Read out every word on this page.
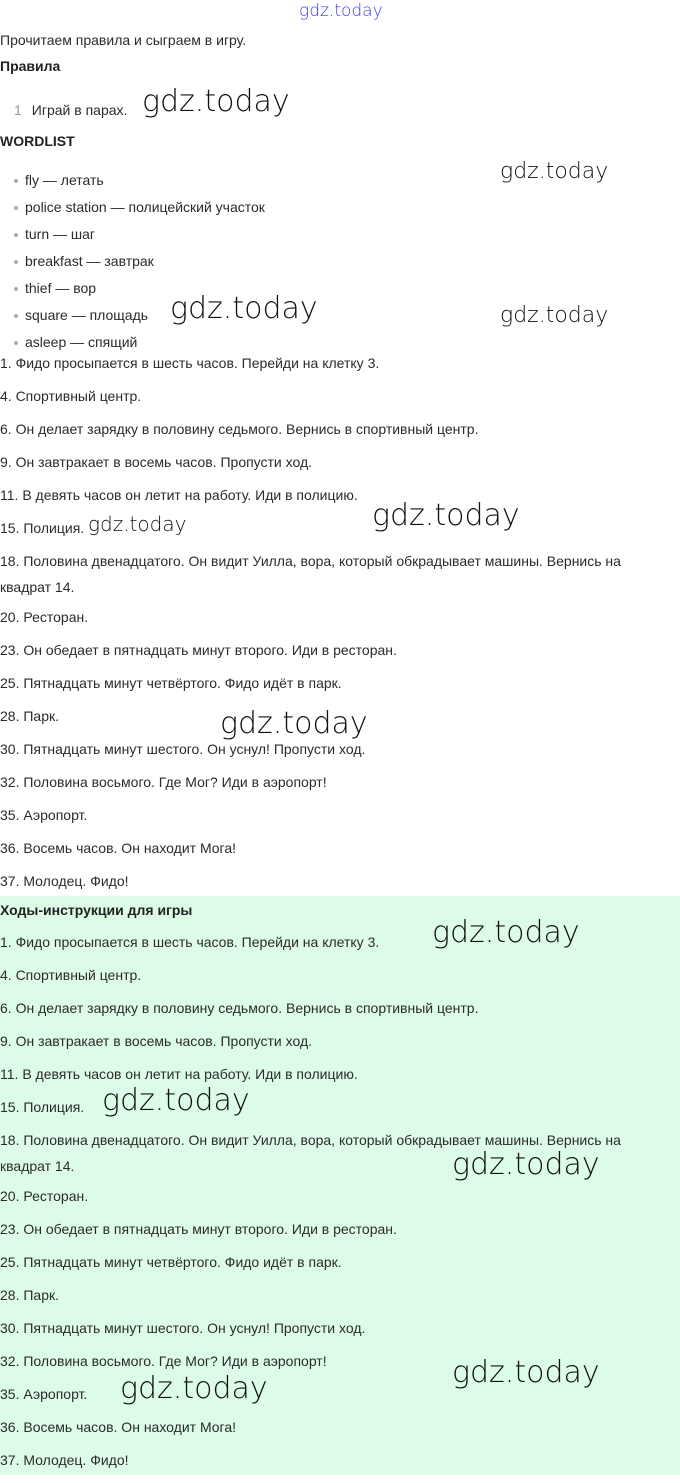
Прочитаем правила и сыграем в игру.
Правила
1 Играй в парах.
WORDLIST
fly — летать
police station — полицейский участок
turn — шаг
breakfast — завтрак
thief — вор
square — площадь
asleep — спящий
1. Фидо просыпается в шесть часов. Перейди на клетку 3.
4. Спортивный центр.
6. Он делает зарядку в половину седьмого. Вернись в спортивный центр.
9. Он завтракает в восемь часов. Пропусти ход.
11. В девять часов он летит на работу. Иди в полицию.
15. Полиция.
18. Половина двенадцатого. Он видит Уилла, вора, который обкрадывает машины. Вернись на квадрат 14.
20. Ресторан.
23. Он обедает в пятнадцать минут второго. Иди в ресторан.
25. Пятнадцать минут четвёртого. Фидо идёт в парк.
28. Парк.
30. Пятнадцать минут шестого. Он уснул! Пропусти ход.
32. Половина восьмого. Где Мог? Иди в аэропорт!
35. Аэропорт.
36. Восемь часов. Он находит Мога!
37. Молодец. Фидо!
Ходы-инструкции для игры
1. Фидо просыпается в шесть часов. Перейди на клетку 3.
4. Спортивный центр.
6. Он делает зарядку в половину седьмого. Вернись в спортивный центр.
9. Он завтракает в восемь часов. Пропусти ход.
11. В девять часов он летит на работу. Иди в полицию.
15. Полиция.
18. Половина двенадцатого. Он видит Уилла, вора, который обкрадывает машины. Вернись на квадрат 14.
20. Ресторан.
23. Он обедает в пятнадцать минут второго. Иди в ресторан.
25. Пятнадцать минут четвёртого. Фидо идёт в парк.
28. Парк.
30. Пятнадцать минут шестого. Он уснул! Пропусти ход.
32. Половина восьмого. Где Мог? Иди в аэропорт!
35. Аэропорт.
36. Восемь часов. Он находит Мога!
37. Молодец. Фидо!
gdz.today
gdz.today
gdz.today
gdz.today	gdz.today
gdz.today	gdz.today
gdz.today
gdz.today
gdz.today
gdz.today
gdz.today
gdz.today
